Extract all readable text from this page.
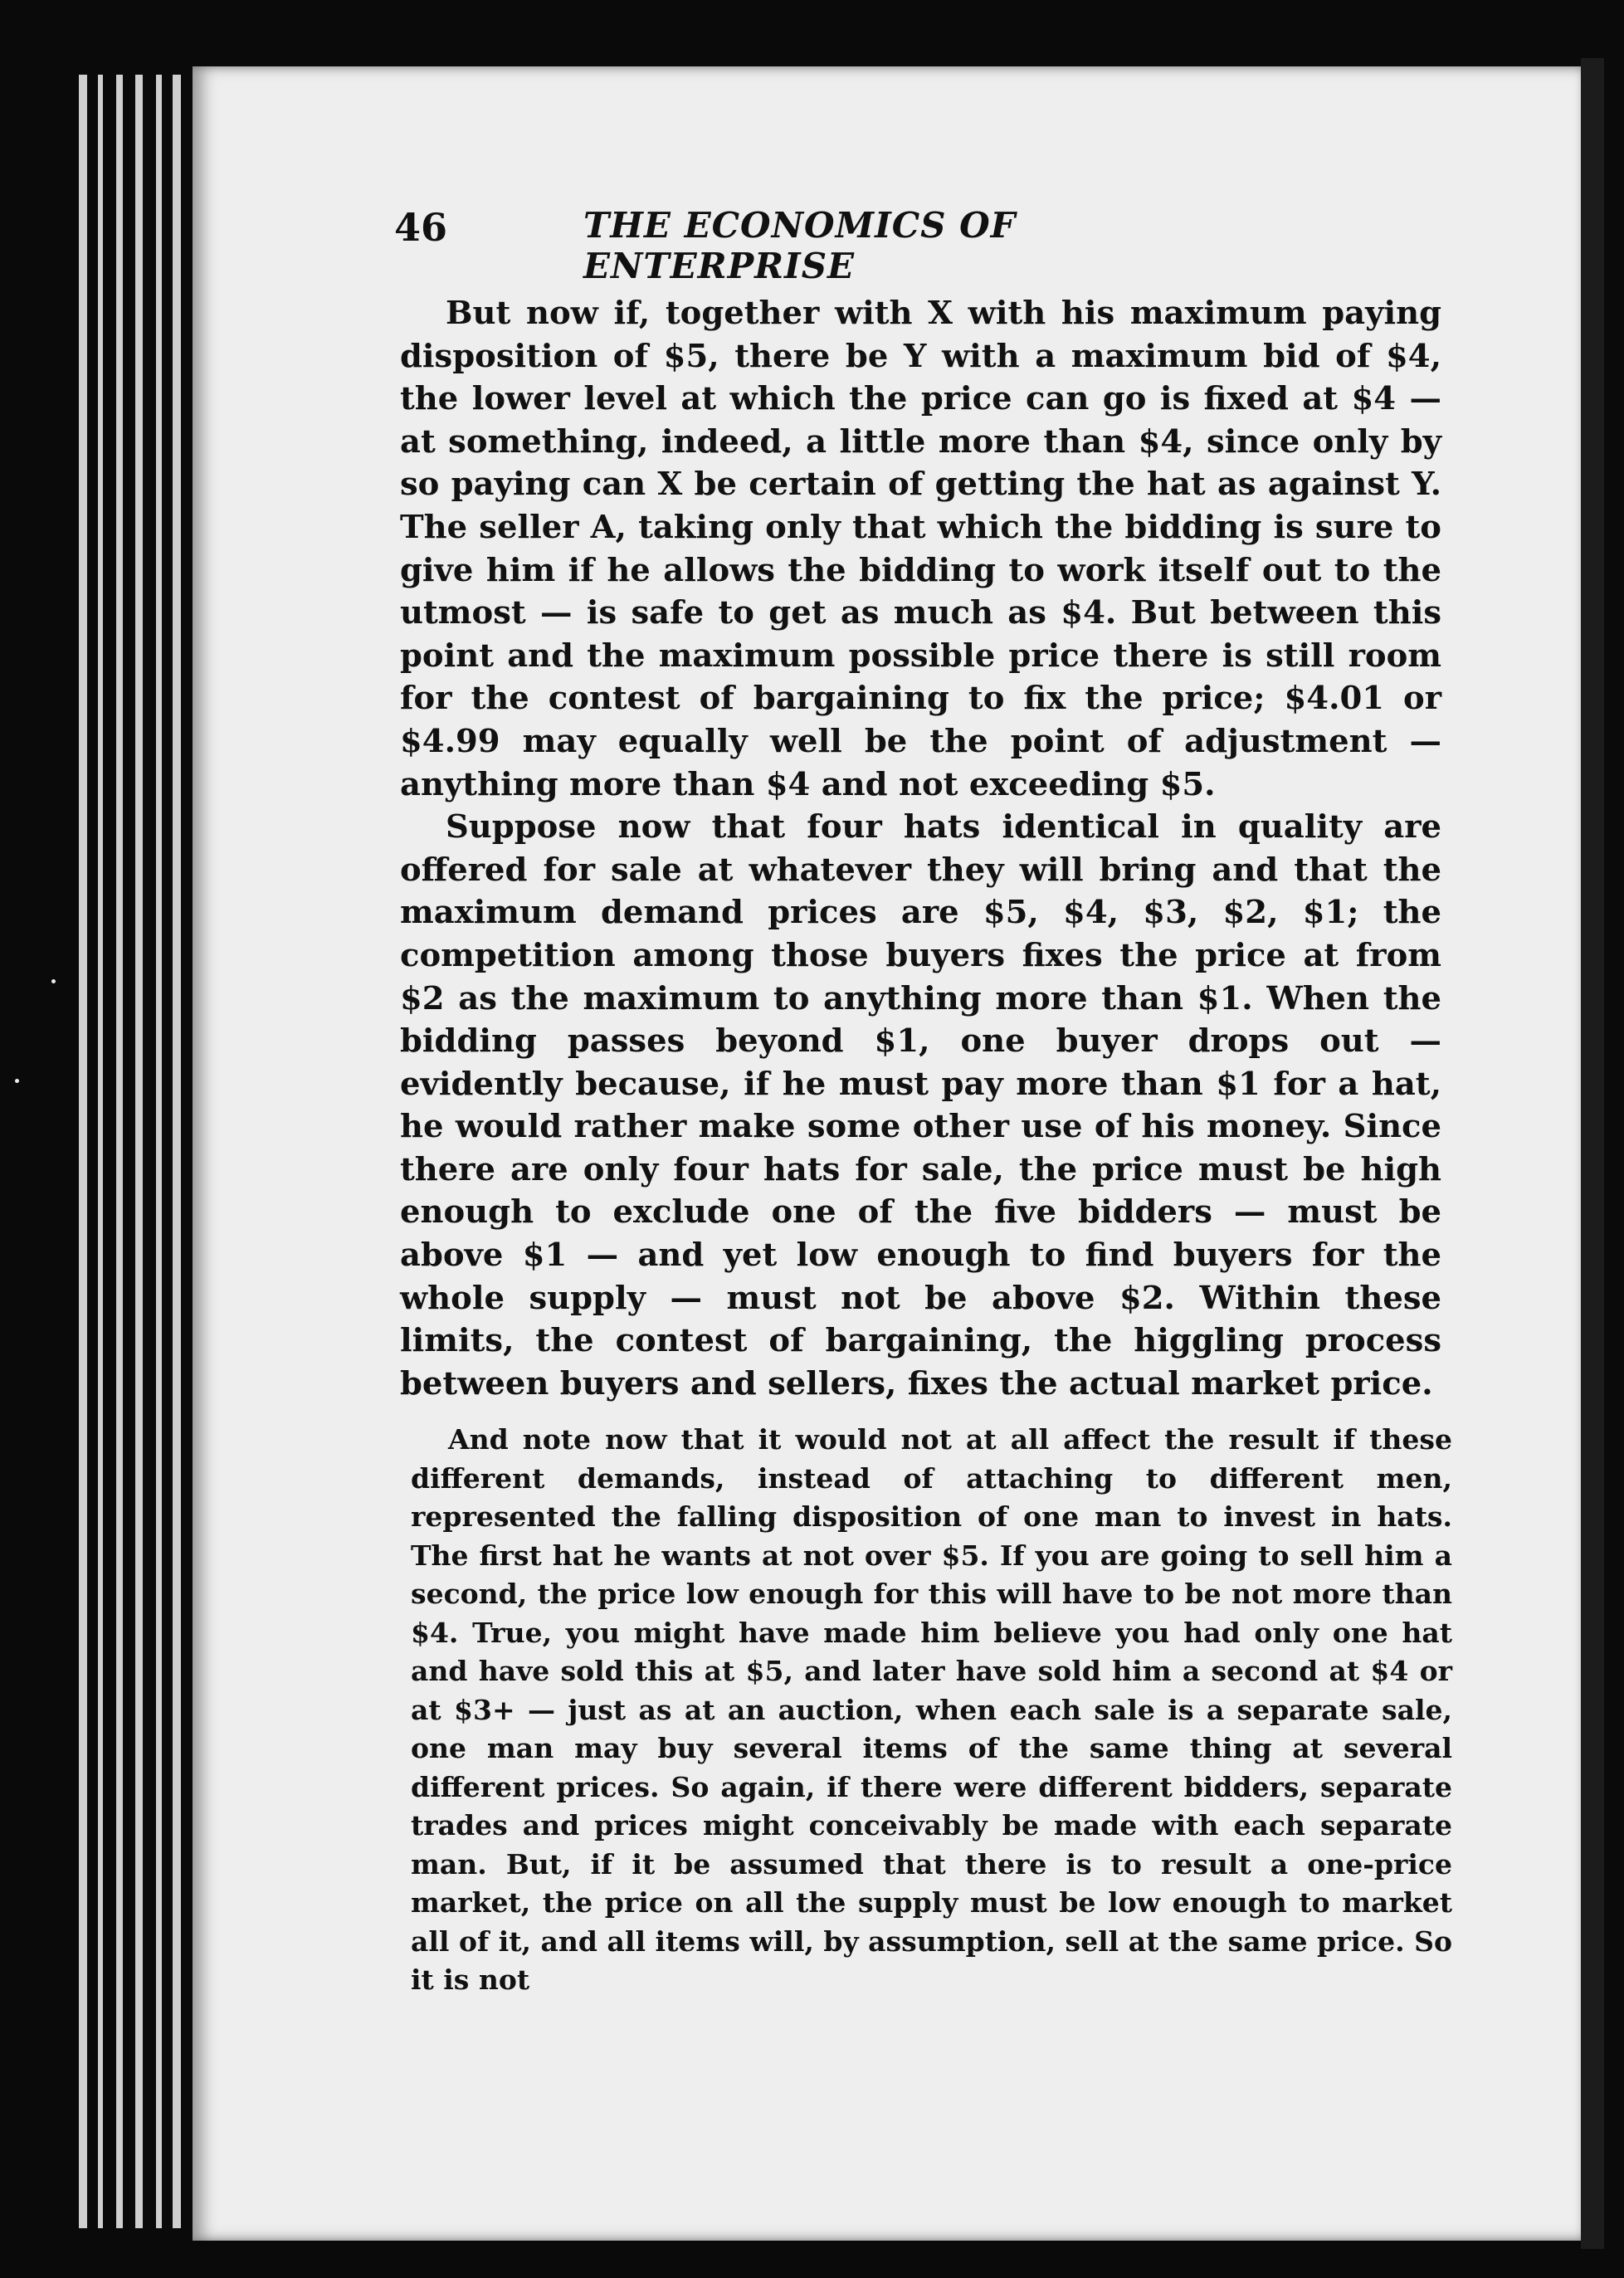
46	THE ECONOMICS OF ENTERPRISE

But now if, together with X with his maximum paying disposition of $5, there be Y with a maximum bid of $4, the lower level at which the price can go is fixed at $4 — at something, indeed, a little more than $4, since only by so paying can X be certain of getting the hat as against Y. The seller A, taking only that which the bidding is sure to give him if he allows the bidding to work itself out to the utmost — is safe to get as much as $4. But between this point and the maximum possible price there is still room for the contest of bargaining to fix the price; $4.01 or $4.99 may equally well be the point of adjustment — anything more than $4 and not exceeding $5.

Suppose now that four hats identical in quality are offered for sale at whatever they will bring and that the maximum demand prices are $5, $4, $3, $2, $1; the competition among those buyers fixes the price at from $2 as the maximum to anything more than $1. When the bidding passes beyond $1, one buyer drops out — evidently because, if he must pay more than $1 for a hat, he would rather make some other use of his money. Since there are only four hats for sale, the price must be high enough to exclude one of the five bidders — must be above $1 — and yet low enough to find buyers for the whole supply — must not be above $2. Within these limits, the contest of bargaining, the higgling process between buyers and sellers, fixes the actual market price.

And note now that it would not at all affect the result if these different demands, instead of attaching to different men, represented the falling disposition of one man to invest in hats. The first hat he wants at not over $5. If you are going to sell him a second, the price low enough for this will have to be not more than $4. True, you might have made him believe you had only one hat and have sold this at $5, and later have sold him a second at $4 or at $3+ — just as at an auction, when each sale is a separate sale, one man may buy several items of the same thing at several different prices. So again, if there were different bidders, separate trades and prices might conceivably be made with each separate man. But, if it be assumed that there is to result a one-price market, the price on all the supply must be low enough to market all of it, and all items will, by assumption, sell at the same price. So it is not
